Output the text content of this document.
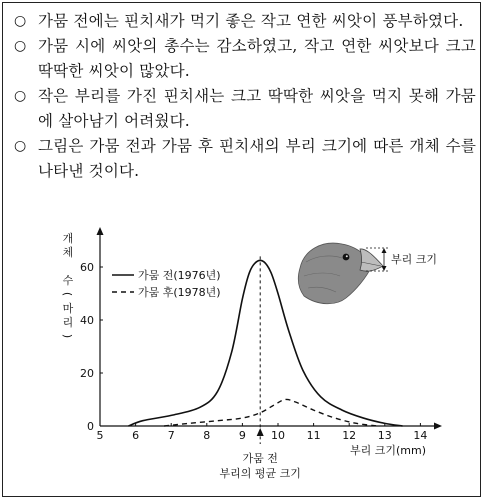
○ 가뭄 전에는 핀치새가 먹기 좋은 작고 연한 씨앗이 풍부하였다.
○ 가뭄 시에 씨앗의 총수는 감소하였고, 작고 연한 씨앗보다 크고 딱딱한 씨앗이 많았다.
○ 작은 부리를 가진 핀치새는 크고 딱딱한 씨앗을 먹지 못해 가뭄에 살아남기 어려웠다.
○ 그림은 가뭄 전과 가뭄 후 핀치새의 부리 크기에 따른 개체 수를 나타낸 것이다.
개
체
수
(
마
리
)
부리 크기(mm)
5	6	7	8	9 10 11 12 13 14
0
20
40
60
가뭄 전(1976년)
가뭄 후(1978년)
가뭄 전
부리의 평균 크기
부리 크기
